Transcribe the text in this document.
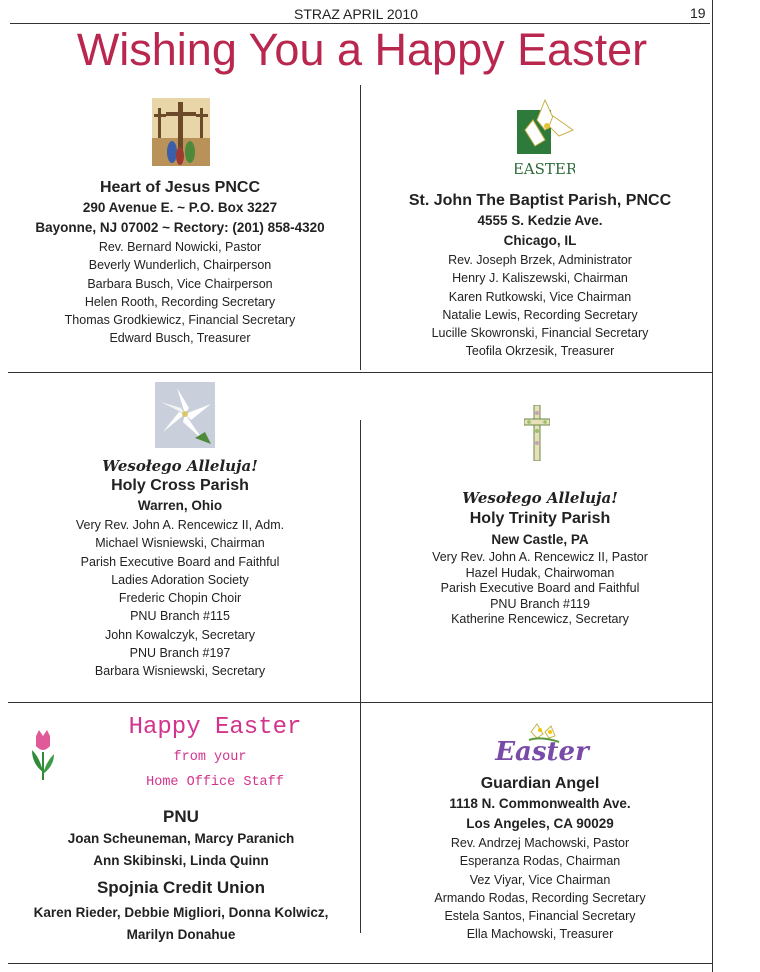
STRAZ APRIL 2010	19
Wishing You a Happy Easter
Heart of Jesus PNCC
290 Avenue E. ~ P.O. Box 3227
Bayonne, NJ 07002 ~ Rectory: (201) 858-4320
Rev. Bernard Nowicki, Pastor
Beverly Wunderlich, Chairperson
Barbara Busch, Vice Chairperson
Helen Rooth, Recording Secretary
Thomas Grodkiewicz, Financial Secretary
Edward Busch, Treasurer
EASTER
St. John The Baptist Parish, PNCC
4555 S. Kedzie Ave.
Chicago, IL
Rev. Joseph Brzek, Administrator
Henry J. Kaliszewski, Chairman
Karen Rutkowski, Vice Chairman
Natalie Lewis, Recording Secretary
Lucille Skowronski, Financial Secretary
Teofila Okrzesik, Treasurer
Wesołego Alleluja!
Holy Cross Parish
Warren, Ohio
Very Rev. John A. Rencewicz II, Adm.
Michael Wisniewski, Chairman
Parish Executive Board and Faithful
Ladies Adoration Society
Frederic Chopin Choir
PNU Branch #115
John Kowalczyk, Secretary
PNU Branch #197
Barbara Wisniewski, Secretary
Wesołego Alleluja!
Holy Trinity Parish
New Castle, PA
Very Rev. John A. Rencewicz II, Pastor
Hazel Hudak, Chairwoman
Parish Executive Board and Faithful
PNU Branch #119
Katherine Rencewicz, Secretary
Happy Easter
from your
Home Office Staff
PNU
Joan Scheuneman, Marcy Paranich
Ann Skibinski, Linda Quinn
Spojnia Credit Union
Karen Rieder, Debbie Migliori, Donna Kolwicz,
Marilyn Donahue
Easter
Guardian Angel
1118 N. Commonwealth Ave.
Los Angeles, CA 90029
Rev. Andrzej Machowski, Pastor
Esperanza Rodas, Chairman
Vez Viyar, Vice Chairman
Armando Rodas, Recording Secretary
Estela Santos, Financial Secretary
Ella Machowski, Treasurer
